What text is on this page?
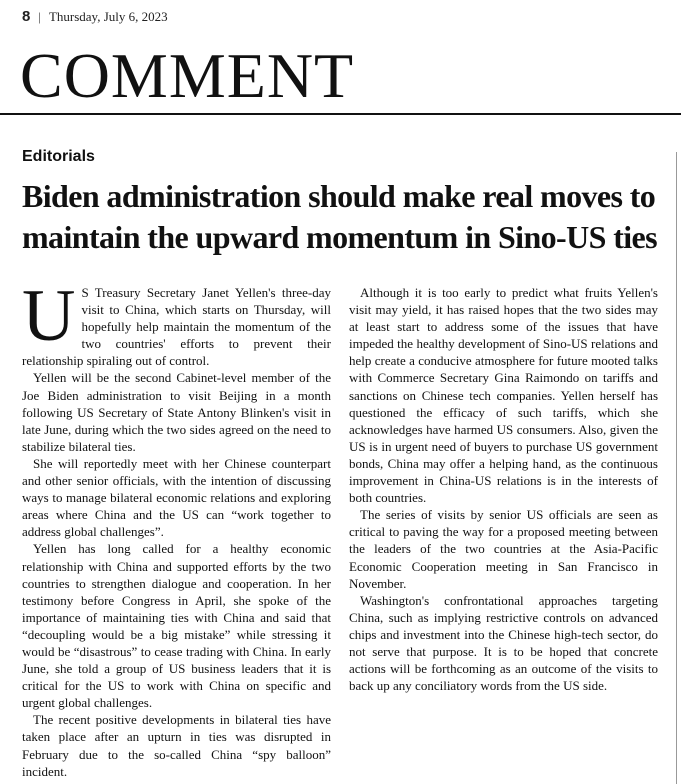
8 | Thursday, July 6, 2023
COMMENT
Editorials
Biden administration should make real moves to maintain the upward momentum in Sino-US ties

U S Treasury Secretary Janet Yellen's three-day visit to China, which starts on Thursday, will hopefully help maintain the momentum of the two countries' efforts to prevent their relationship spiraling out of control.

Yellen will be the second Cabinet-level member of the Joe Biden administration to visit Beijing in a month following US Secretary of State Antony Blinken's visit in late June, during which the two sides agreed on the need to stabilize bilateral ties.

She will reportedly meet with her Chinese counterpart and other senior officials, with the intention of discussing ways to manage bilateral economic relations and exploring areas where China and the US can “work together to address global challenges”.

Yellen has long called for a healthy economic relationship with China and supported efforts by the two countries to strengthen dialogue and cooperation. In her testimony before Congress in April, she spoke of the importance of maintaining ties with China and said that “decoupling would be a big mistake” while stressing it would be “disastrous” to cease trading with China. In early June, she told a group of US business leaders that it is critical for the US to work with China on specific and urgent global challenges.

The recent positive developments in bilateral ties have taken place after an upturn in ties was disrupted in February due to the so-called China “spy balloon” incident.

Although it is too early to predict what fruits Yellen's visit may yield, it has raised hopes that the two sides may at least start to address some of the issues that have impeded the healthy development of Sino-US relations and help create a conducive atmosphere for future mooted talks with Commerce Secretary Gina Raimondo on tariffs and sanctions on Chinese tech companies. Yellen herself has questioned the efficacy of such tariffs, which she acknowledges have harmed US consumers. Also, given the US is in urgent need of buyers to purchase US government bonds, China may offer a helping hand, as the continuous improvement in China-US relations is in the interests of both countries.

The series of visits by senior US officials are seen as critical to paving the way for a proposed meeting between the leaders of the two countries at the Asia-Pacific Economic Cooperation meeting in San Francisco in November.

Washington's confrontational approaches targeting China, such as implying restrictive controls on advanced chips and investment into the Chinese high-tech sector, do not serve that purpose. It is to be hoped that concrete actions will be forthcoming as an outcome of the visits to back up any conciliatory words from the US side.
